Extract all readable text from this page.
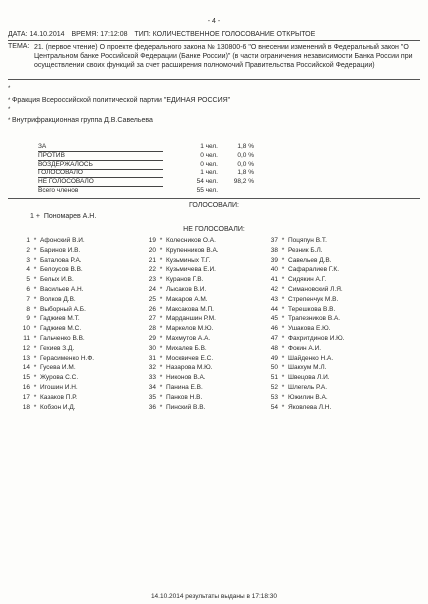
- 4 -
ДАТА: 14.10.2014 ВРЕМЯ: 17:12:08 ТИП: КОЛИЧЕСТВЕННОЕ ГОЛОСОВАНИЕ ОТКРЫТОЕ
ТЕМА: 21. (первое чтение) О проекте федерального закона № 130800-6 "О внесении изменений в Федеральный закон "О Центральном банке Российской Федерации (Банке России)" (в части ограничения независимости Банка России при осуществлении своих функций за счет расширения полномочий Правительства Российской Федерации)
*
* Фракция Всероссийской политической партии "ЕДИНАЯ РОССИЯ"
*
* Внутрифракционная группа Д.В.Савельева
ЗА	1 чел.	1,8 %
ПРОТИВ	0 чел.	0,0 %
ВОЗДЕРЖАЛОСЬ	0 чел.	0,0 %
ГОЛОСОВАЛО	1 чел.	1,8 %
НЕ ГОЛОСОВАЛО	54 чел.	98,2 %
Всего членов	55 чел.
ГОЛОСОВАЛИ:
1 + Пономарев А.Н.
НЕ ГОЛОСОВАЛИ:
1 * Афонский В.И.
2 * Баринов И.В.
3 * Баталова Р.А.
4 * Белоусов В.В.
5 * Белых И.В.
6 * Васильев А.Н.
7 * Волков Д.В.
8 * Выборный А.Б.
9 * Гаджиев М.Т.
10 * Гаджиев М.С.
11 * Гальченко В.В.
12 * Гехиев З.Д.
13 * Герасименко Н.Ф.
14 * Гусева И.М.
15 * Журова С.С.
16 * Игошин И.Н.
17 * Казаков П.Р.
18 * Кобзон И.Д.
19 * Колесников О.А.
20 * Крупенников В.А.
21 * Кузьминых Т.Г.
22 * Кузьмичева Е.И.
23 * Куранов Г.В.
24 * Лысаков В.И.
25 * Макаров А.М.
26 * Максакова М.П.
27 * Марданшин Р.М.
28 * Маркелов М.Ю.
29 * Махмутов А.А.
30 * Михалев Б.В.
31 * Москвичев Е.С.
32 * Назарова М.Ю.
33 * Никонов В.А.
34 * Панина Е.В.
35 * Панков Н.В.
36 * Пинский В.В.
37 * Поцяпун В.Т.
38 * Резник Б.Л.
39 * Савельев Д.В.
40 * Сафаралиев Г.К.
41 * Сидякин А.Г.
42 * Симановский Л.Я.
43 * Стрепенчук М.В.
44 * Терешкова В.В.
45 * Трапезников В.А.
46 * Ушакова Е.Ю.
47 * Фахритдинов И.Ю.
48 * Фокин А.И.
49 * Шайденко Н.А.
50 * Шакхум М.Л.
51 * Швецова Л.И.
52 * Шлегель Р.А.
53 * Южилин В.А.
54 * Яковлева Л.Н.
14.10.2014 результаты выданы в 17:18:30
